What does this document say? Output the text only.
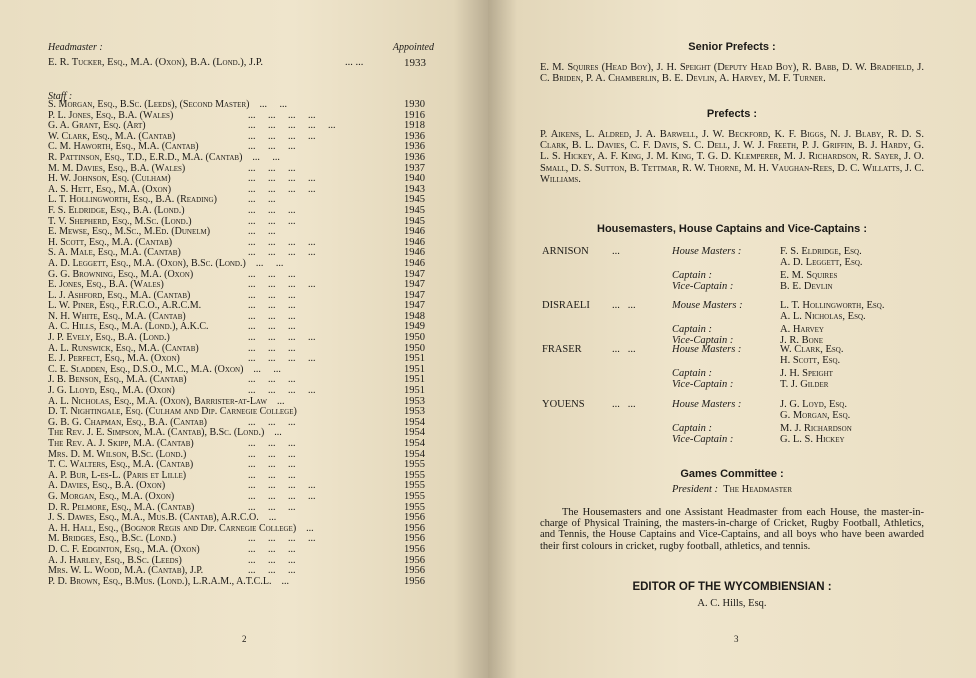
Headmaster :	Appointed
E. R. Tucker, Esq., M.A. (Oxon), B.A. (Lond.), J.P.	... ...	1933
Staff :
S. Morgan, Esq., B.Sc. (Leeds), (Second Master) ...     ...	1930
P. L. Jones, Esq., B.A. (Wales)	...     ...     ...     ...	1916
G. A. Grant, Esq. (Art)	...     ...     ...     ...     ...	1918
W. Clark, Esq., M.A. (Cantab)	...     ...     ...     ...	1936
C. M. Haworth, Esq., M.A. (Cantab)	...     ...     ...	1936
R. Pattinson, Esq., T.D., E.R.D., M.A. (Cantab) ...     ...	1936
M. M. Davies, Esq., B.A. (Wales)	...     ...     ...	1937
H. W. Johnson, Esq. (Culham)	...     ...     ...     ...	1940
A. S. Hett, Esq., M.A. (Oxon)	...     ...     ...     ...	1943
L. T. Hollingworth, Esq., B.A. (Reading)	...     ...	1945
F. S. Eldridge, Esq., B.A. (Lond.)	...     ...     ...	1945
T. V. Shepherd, Esq., M.Sc. (Lond.)	...     ...     ...	1945
E. Mewse, Esq., M.Sc., M.Ed. (Dunelm)	...     ...	1946
H. Scott, Esq., M.A. (Cantab)	...     ...     ...     ...	1946
S. A. Male, Esq., M.A. (Cantab)	...     ...     ...     ...	1946
A. D. Leggett, Esq., M.A. (Oxon), B.Sc. (Lond.) ...     ...	1946
G. G. Browning, Esq., M.A. (Oxon)	...     ...     ...	1947
E. Jones, Esq., B.A. (Wales)	...     ...     ...     ...	1947
L. J. Ashford, Esq., M.A. (Cantab)	...     ...     ...	1947
L. W. Piner, Esq., F.R.C.O., A.R.C.M.	...     ...     ...	1947
N. H. White, Esq., M.A. (Cantab)	...     ...     ...	1948
A. C. Hills, Esq., M.A. (Lond.), A.K.C.	...     ...     ...	1949
J. P. Evely, Esq., B.A. (Lond.)	...     ...     ...     ...	1950
A. L. Runswick, Esq., M.A. (Cantab)	...     ...     ...	1950
E. J. Perfect, Esq., M.A. (Oxon)	...     ...     ...     ...	1951
C. E. Sladden, Esq., D.S.O., M.C., M.A. (Oxon) ...     ...	1951
J. B. Benson, Esq., M.A. (Cantab)	...     ...     ...	1951
J. G. Lloyd, Esq., M.A. (Oxon)	...     ...     ...     ...	1951
A. L. Nicholas, Esq., M.A. (Oxon), Barrister-at-Law ...	1953
D. T. Nightingale, Esq. (Culham and Dip. Carnegie College)	1953
G. B. G. Chapman, Esq., B.A. (Cantab)	...     ...     ...	1954
The Rev. J. E. Simpson, M.A. (Cantab), B.Sc. (Lond.) ...	1954
The Rev. A. J. Skipp, M.A. (Cantab)	...     ...     ...	1954
Mrs. D. M. Wilson, B.Sc. (Lond.)	...     ...     ...	1954
T. C. Walters, Esq., M.A. (Cantab)	...     ...     ...	1955
A. P. Bur, L-es-L. (Paris et Lille)	...     ...     ...	1955
A. Davies, Esq., B.A. (Oxon)	...     ...     ...     ...	1955
G. Morgan, Esq., M.A. (Oxon)	...     ...     ...     ...	1955
D. R. Pelmore, Esq., M.A. (Cantab)	...     ...     ...	1955
J. S. Dawes, Esq., M.A., Mus.B. (Cantab), A.R.C.O. ...	1956
A. H. Hall, Esq., (Bognor Regis and Dip. Carnegie College) ...	1956
M. Bridges, Esq., B.Sc. (Lond.)	...     ...     ...     ...	1956
D. C. F. Edginton, Esq., M.A. (Oxon)	...     ...     ...	1956
A. J. Harley, Esq., B.Sc. (Leeds)	...     ...     ...	1956
Mrs. W. L. Wood, M.A. (Cantab), J.P.	...     ...     ...	1956
P. D. Brown, Esq., B.Mus. (Lond.), L.R.A.M., A.T.C.L. ...	1956
2	3
Senior Prefects :
E. M. Squires (Head Boy), J. H. Speight (Deputy Head Boy), R. Babb, D. W. Bradfield, J. C. Briden, P. A. Chamberlin, B. E. Devlin, A. Harvey, M. F. Turner.
Prefects :
P. Aikens, L. Aldred, J. A. Barwell, J. W. Beckford, K. F. Biggs, N. J. Blaby, R. D. S. Clark, B. L. Davies, C. F. Davis, S. C. Dell, J. W. J. Freeth, P. J. Griffin, B. J. Hardy, G. L. S. Hickey, A. F. King, J. M. King, T. G. D. Klemperer, M. J. Richardson, R. Sayer, J. O. Small, D. S. Sutton, B. Tettmar, R. W. Thorne, M. H. Vaughan-Rees, D. C. Willatts, J. C. Williams.
Housemasters, House Captains and Vice-Captains :
ARNISON ...	House Masters :	F. S. Eldridge, Esq.
A. D. Leggett, Esq.
Captain :	E. M. Squires
Vice-Captain :	B. E. Devlin
DISRAELI ...   ...	Mouse Masters :	L. T. Hollingworth, Esq.
A. L. Nicholas, Esq.
Captain :	A. Harvey
Vice-Captain :	J. R. Bone
FRASER	...   ...	House Masters :	W. Clark, Esq.
H. Scott, Esq.
Captain :	J. H. Speight
Vice-Captain :	T. J. Gilder
YOUENS	...   ...	House Masters :	J. G. Loyd, Esq.
G. Morgan, Esq.
Captain :	M. J. Richardson
Vice-Captain :	G. L. S. Hickey
Games Committee :
President : The Headmaster
The Housemasters and one Assistant Headmaster from each House, the master-in-charge of Physical Training, the masters-in-charge of Cricket, Rugby Football, Athletics, and Tennis, the House Captains and Vice-Captains, and all boys who have been awarded their first colours in cricket, rugby football, athletics, and tennis.
EDITOR OF THE WYCOMBIENSIAN :
A. C. Hills, Esq.
